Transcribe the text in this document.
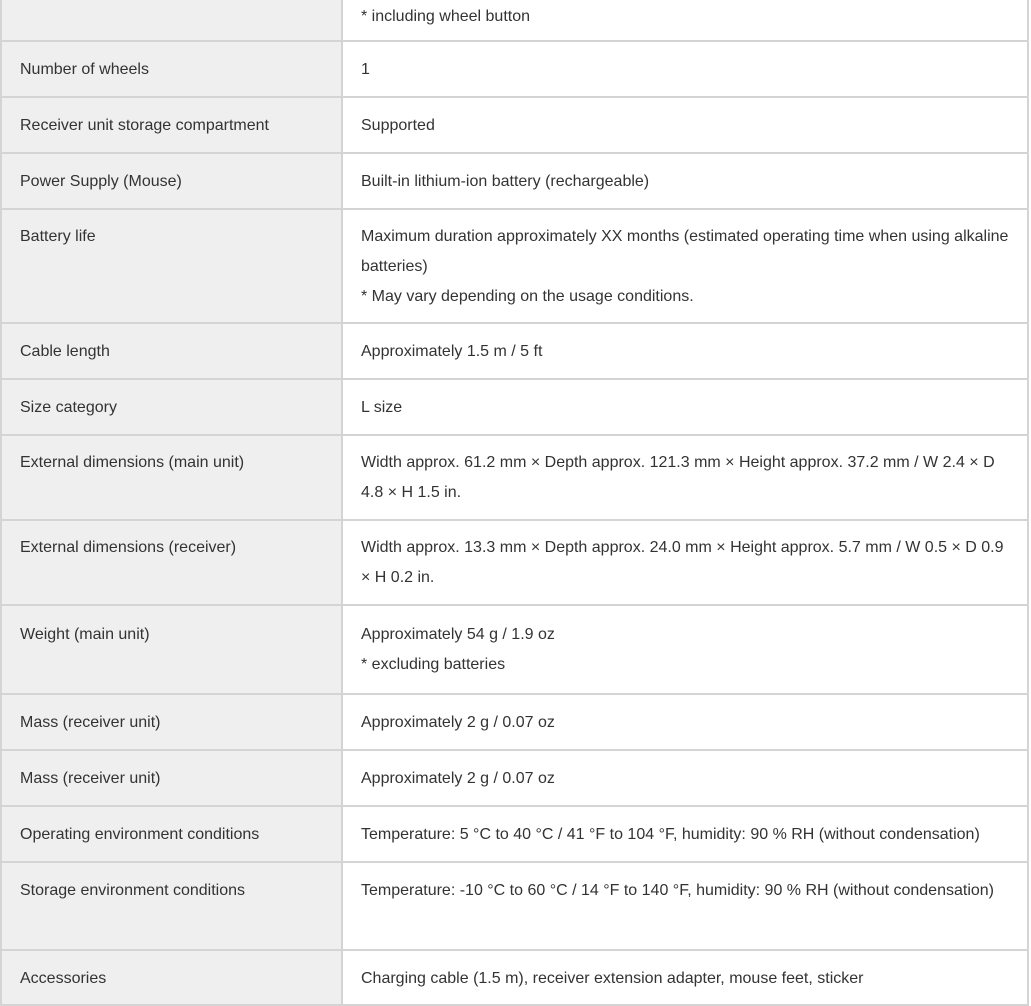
	* including wheel button

Number of wheels	1

Receiver unit storage compartment	Supported

Power Supply (Mouse)	Built-in lithium-ion battery (rechargeable)

Battery life	Maximum duration approximately XX months (estimated operating time when using alkaline batteries)
* May vary depending on the usage conditions.

Cable length	Approximately 1.5 m / 5 ft

Size category	L size

External dimensions (main unit)	Width approx. 61.2 mm × Depth approx. 121.3 mm × Height approx. 37.2 mm / W 2.4 × D 4.8 × H 1.5 in.

External dimensions (receiver)	Width approx. 13.3 mm × Depth approx. 24.0 mm × Height approx. 5.7 mm / W 0.5 × D 0.9 × H 0.2 in.

Weight (main unit)	Approximately 54 g / 1.9 oz
* excluding batteries

Mass (receiver unit)	Approximately 2 g / 0.07 oz

Mass (receiver unit)	Approximately 2 g / 0.07 oz

Operating environment conditions	Temperature: 5 °C to 40 °C / 41 °F to 104 °F, humidity: 90 % RH (without condensation)

Storage environment conditions	Temperature: -10 °C to 60 °C / 14 °F to 140 °F, humidity: 90 % RH (without condensation)

Accessories	Charging cable (1.5 m), receiver extension adapter, mouse feet, sticker
